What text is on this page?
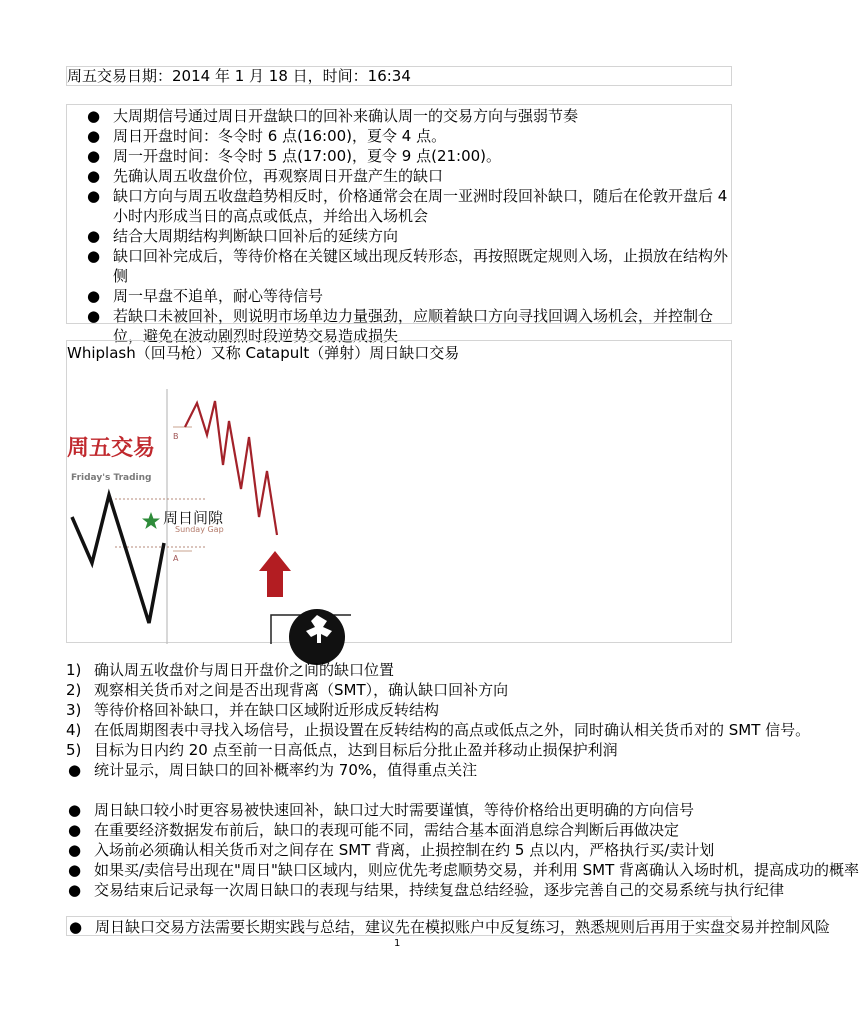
周五交易日期：2014 年 1 月 18 日，时间：16:34
● 大周期信号通过周日开盘缺口的回补来确认周一的交易方向与强弱节奏
● 周日开盘时间：冬令时 6 点(16:00)，夏令 4 点。
● 周一开盘时间：冬令时 5 点(17:00)，夏令 9 点(21:00)。
● 先确认周五收盘价位，再观察周日开盘产生的缺口
● 缺口方向与周五收盘趋势相反时，价格通常会在周一亚洲时段回补缺口，随后在伦敦开盘后 4 小时内形成当日的高点或低点，并给出入场机会
● 结合大周期结构判断缺口回补后的延续方向
● 缺口回补完成后，等待价格在关键区域出现反转形态，再按照既定规则入场，止损放在结构外侧
● 周一早盘不追单，耐心等待信号
● 若缺口未被回补，则说明市场单边力量强劲，应顺着缺口方向寻找回调入场机会，并控制仓位，避免在波动剧烈时段逆势交易造成损失
Whiplash（回马枪）又称 Catapult（弹射）周日缺口交易
周五交易
Friday's Trading
周日间隙
Sunday Gap
A
B
1) 确认周五收盘价与周日开盘价之间的缺口位置
2) 观察相关货币对之间是否出现背离（SMT），确认缺口回补方向
3) 等待价格回补缺口，并在缺口区域附近形成反转结构
4) 在低周期图表中寻找入场信号，止损设置在反转结构的高点或低点之外，同时确认相关货币对的 SMT 信号。
5) 目标为日内约 20 点至前一日高低点，达到目标后分批止盈并移动止损保护利润
● 统计显示，周日缺口的回补概率约为 70%，值得重点关注
● 周日缺口较小时更容易被快速回补，缺口过大时需要谨慎，等待价格给出更明确的方向信号
● 在重要经济数据发布前后，缺口的表现可能不同，需结合基本面消息综合判断后再做决定
● 入场前必须确认相关货币对之间存在 SMT 背离，止损控制在约 5 点以内，严格执行买/卖计划
● 如果买/卖信号出现在"周日"缺口区域内，则应优先考虑顺势交易，并利用 SMT 背离确认入场时机，提高成功的概率
● 交易结束后记录每一次周日缺口的表现与结果，持续复盘总结经验，逐步完善自己的交易系统与执行纪律
● 周日缺口交易方法需要长期实践与总结，建议先在模拟账户中反复练习，熟悉规则后再用于实盘交易并控制风险
1
